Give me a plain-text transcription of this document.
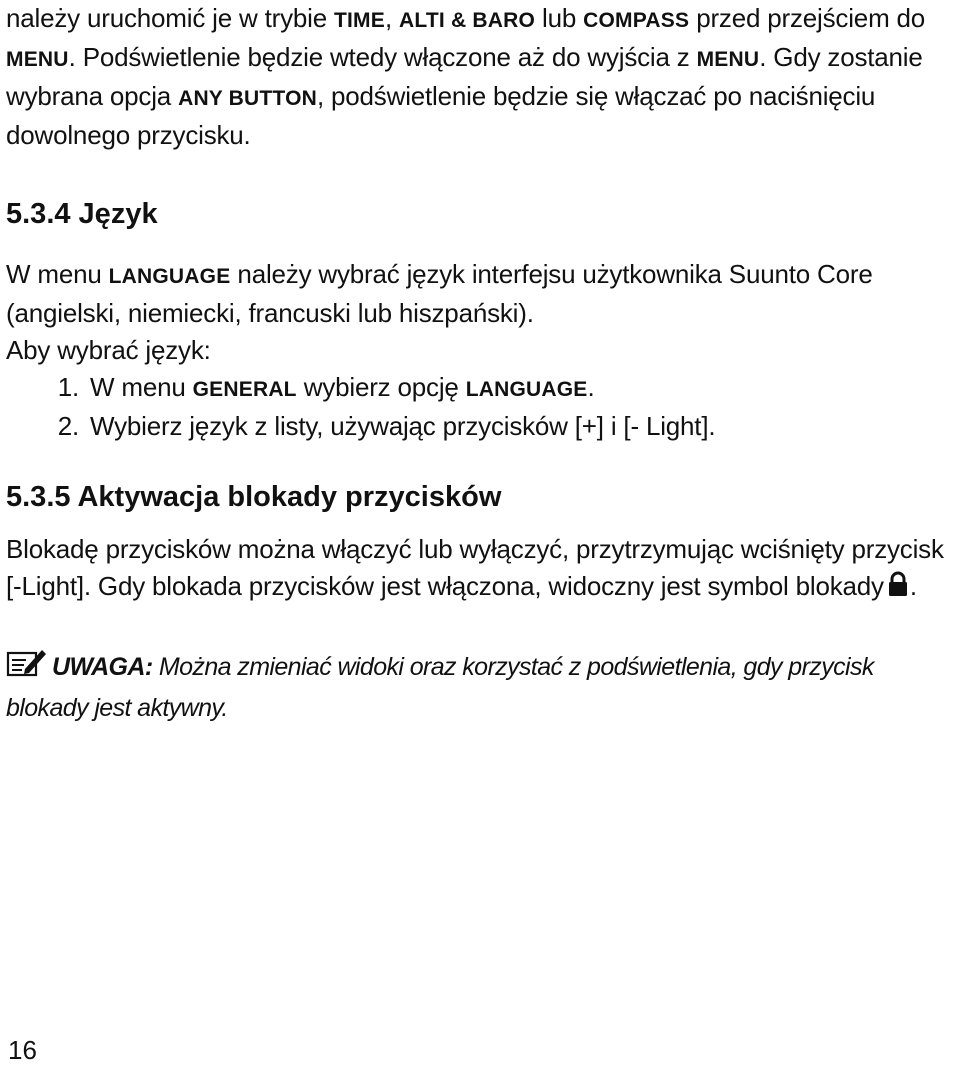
należy uruchomić je w trybie TIME, ALTI & BARO lub COMPASS przed przejściem do MENU. Podświetlenie będzie wtedy włączone aż do wyjścia z MENU. Gdy zostanie wybrana opcja ANY BUTTON, podświetlenie będzie się włączać po naciśnięciu dowolnego przycisku.

5.3.4 Język

W menu LANGUAGE należy wybrać język interfejsu użytkownika Suunto Core (angielski, niemiecki, francuski lub hiszpański).

Aby wybrać język:

1. W menu GENERAL wybierz opcję LANGUAGE.
2. Wybierz język z listy, używając przycisków [+] i [- Light].
5.3.5 Aktywacja blokady przycisków

Blokadę przycisków można włączyć lub wyłączyć, przytrzymując wciśnięty przycisk [-Light]. Gdy blokada przycisków jest włączona, widoczny jest symbol blokady .

UWAGA: Można zmieniać widoki oraz korzystać z podświetlenia, gdy przycisk blokady jest aktywny.

16
